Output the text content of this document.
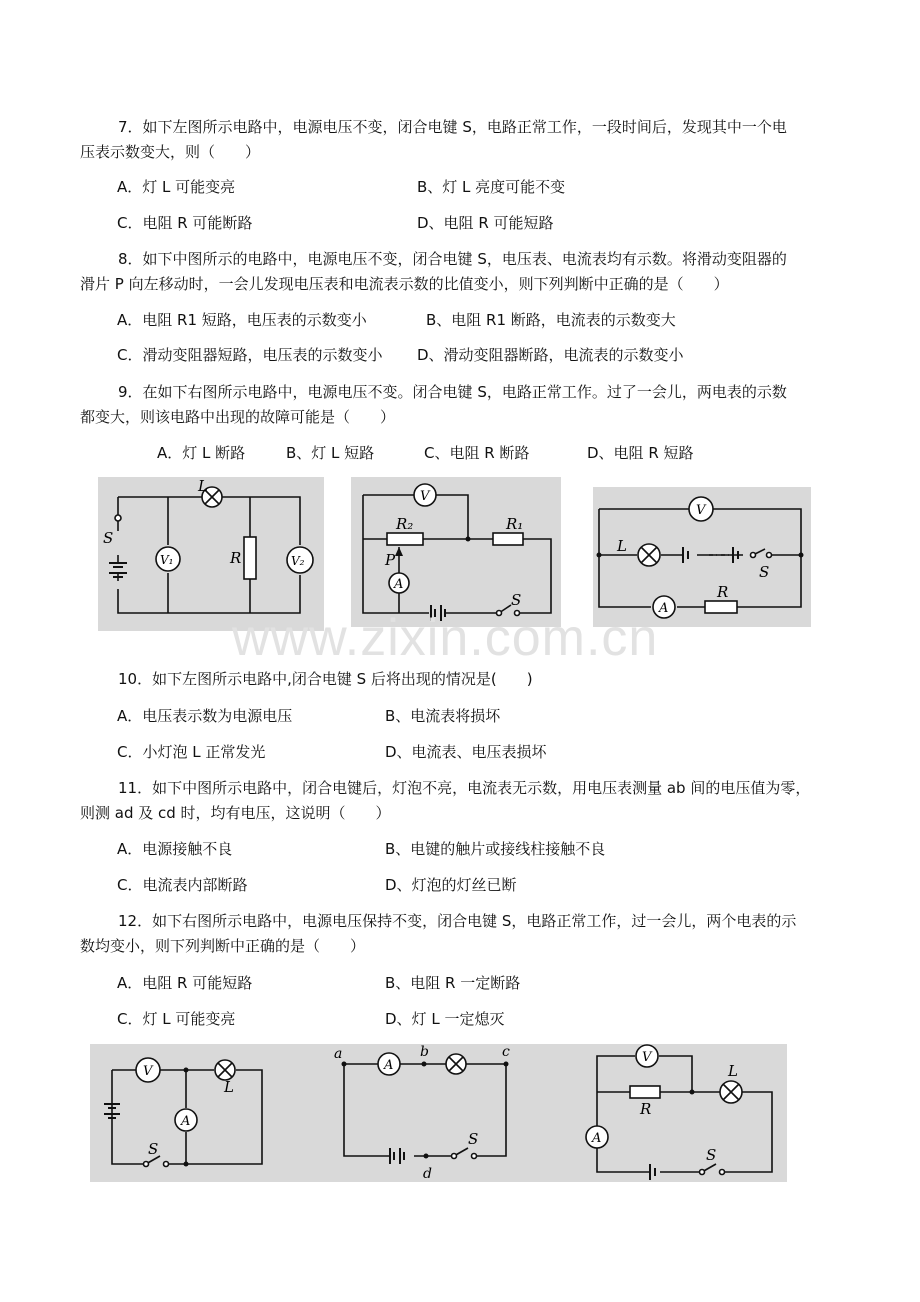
7．如下左图所示电路中，电源电压不变，闭合电键 S，电路正常工作，一段时间后，发现其中一个电
压表示数变大，则（　　）
A．灯 L 可能变亮	B、灯 L 亮度可能不变
C．电阻 R 可能断路	D、电阻 R 可能短路
8．如下中图所示的电路中，电源电压不变，闭合电键 S，电压表、电流表均有示数。将滑动变阻器的
滑片 P 向左移动时，一会儿发现电压表和电流表示数的比值变小，则下列判断中正确的是（　　）
A．电阻 R1 短路，电压表的示数变小	B、电阻 R1 断路，电流表的示数变大
C．滑动变阻器短路，电压表的示数变小 D、滑动变阻器断路，电流表的示数变小
9．在如下右图所示电路中，电源电压不变。闭合电键 S，电路正常工作。过了一会儿，两电表的示数
都变大，则该电路中出现的故障可能是（　　）
A．灯 L 断路	B、灯 L 短路	C、电阻 R 断路	D、电阻 R 短路
L
S
R
V₁	V₂
R₂	R₁
P
S
V
A
L
S
R
V
A
www.zixin.com.cn
10．如下左图所示电路中,闭合电键 S 后将出现的情况是(　　)
A．电压表示数为电源电压	B、电流表将损坏
C．小灯泡 L 正常发光	D、电流表、电压表损坏
11．如下中图所示电路中，闭合电键后，灯泡不亮，电流表无示数，用电压表测量 ab 间的电压值为零，
则测 ad 及 cd 时，均有电压，这说明（　　）
A．电源接触不良	B、电键的触片或接线柱接触不良
C．电流表内部断路	D、灯泡的灯丝已断
12．如下右图所示电路中，电源电压保持不变，闭合电键 S，电路正常工作，过一会儿，两个电表的示
数均变小，则下列判断中正确的是（　　）
A．电阻 R 可能短路	B、电阻 R 一定断路
C．灯 L 可能变亮	D、灯 L 一定熄灭
V
A
L
S
A
a	b	c
d
S
V
R
L
A
S
